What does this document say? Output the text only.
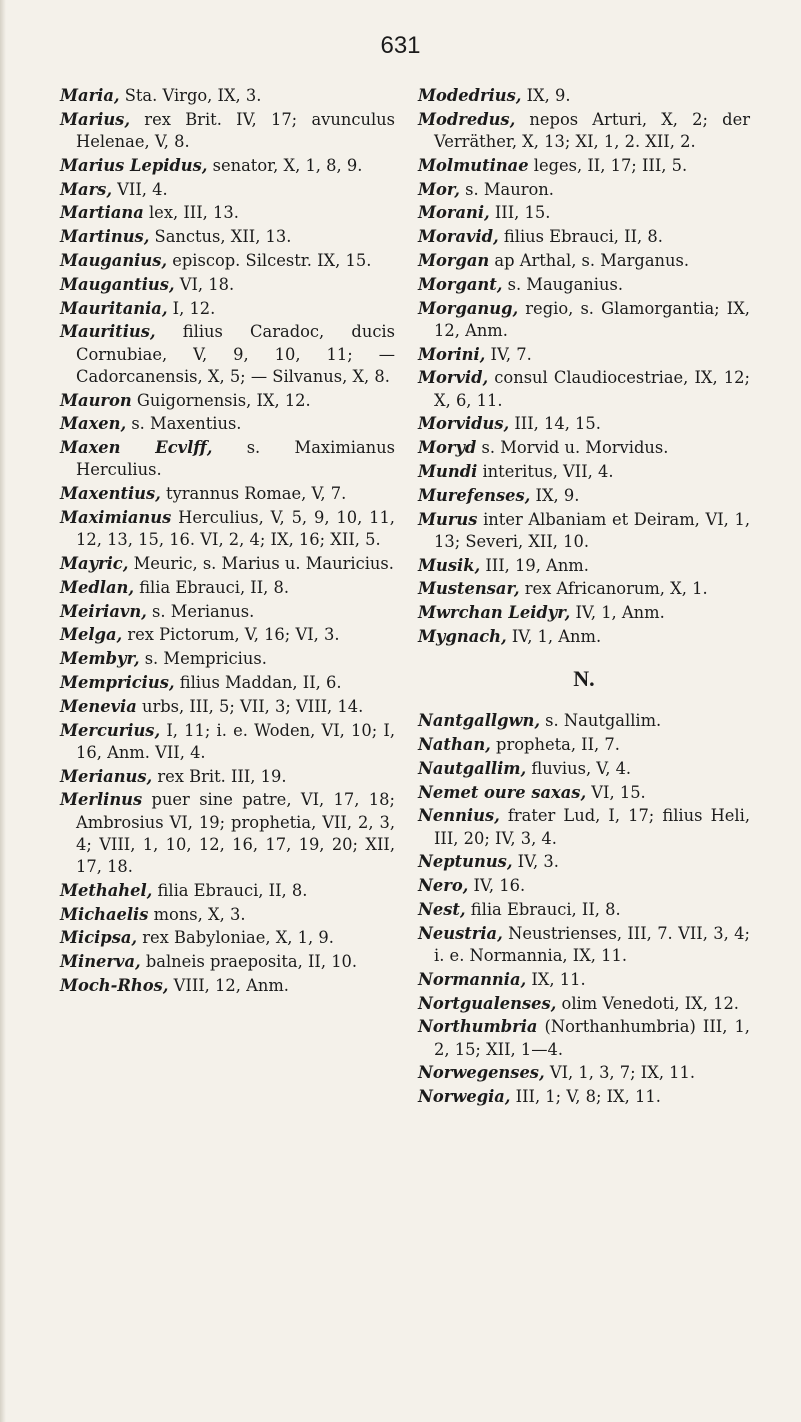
631

Maria, Sta. Virgo, IX, 3.

Marius, rex Brit. IV, 17; avunculus Helenae, V, 8.

Marius Lepidus, senator, X, 1, 8, 9.

Mars, VII, 4.

Martiana lex, III, 13.

Martinus, Sanctus, XII, 13.

Mauganius, episcop. Silcestr. IX, 15.

Maugantius, VI, 18.

Mauritania, I, 12.

Mauritius, filius Caradoc, ducis Cornubiae, V, 9, 10, 11; — Cadorcanensis, X, 5; — Silvanus, X, 8.

Mauron Guigornensis, IX, 12.

Maxen, s. Maxentius.

Maxen Ecvlff, s. Maximianus Herculius.

Maxentius, tyrannus Romae, V, 7.

Maximianus Herculius, V, 5, 9, 10, 11, 12, 13, 15, 16. VI, 2, 4; IX, 16; XII, 5.

Mayric, Meuric, s. Marius u. Mauricius.

Medlan, filia Ebrauci, II, 8.

Meiriavn, s. Merianus.

Melga, rex Pictorum, V, 16; VI, 3.

Membyr, s. Mempricius.

Mempricius, filius Maddan, II, 6.

Menevia urbs, III, 5; VII, 3; VIII, 14.

Mercurius, I, 11; i. e. Woden, VI, 10; I, 16, Anm. VII, 4.

Merianus, rex Brit. III, 19.

Merlinus puer sine patre, VI, 17, 18; Ambrosius VI, 19; prophetia, VII, 2, 3, 4; VIII, 1, 10, 12, 16, 17, 19, 20; XII, 17, 18.

Methahel, filia Ebrauci, II, 8.

Michaelis mons, X, 3.

Micipsa, rex Babyloniae, X, 1, 9.

Minerva, balneis praeposita, II, 10.

Moch-Rhos, VIII, 12, Anm.

Modedrius, IX, 9.

Modredus, nepos Arturi, X, 2; der Verräther, X, 13; XI, 1, 2. XII, 2.

Molmutinae leges, II, 17; III, 5.

Mor, s. Mauron.

Morani, III, 15.

Moravid, filius Ebrauci, II, 8.

Morgan ap Arthal, s. Marganus.

Morgant, s. Mauganius.

Morganug, regio, s. Glamorgantia; IX, 12, Anm.

Morini, IV, 7.

Morvid, consul Claudiocestriae, IX, 12; X, 6, 11.

Morvidus, III, 14, 15.

Moryd s. Morvid u. Morvidus.

Mundi interitus, VII, 4.

Murefenses, IX, 9.

Murus inter Albaniam et Deiram, VI, 1, 13; Severi, XII, 10.

Musik, III, 19, Anm.

Mustensar, rex Africanorum, X, 1.

Mwrchan Leidyr, IV, 1, Anm.

Mygnach, IV, 1, Anm.

N.

Nantgallgwn, s. Nautgallim.

Nathan, propheta, II, 7.

Nautgallim, fluvius, V, 4.

Nemet oure saxas, VI, 15.

Nennius, frater Lud, I, 17; filius Heli, III, 20; IV, 3, 4.

Neptunus, IV, 3.

Nero, IV, 16.

Nest, filia Ebrauci, II, 8.

Neustria, Neustrienses, III, 7. VII, 3, 4; i. e. Normannia, IX, 11.

Normannia, IX, 11.

Nortgualenses, olim Venedoti, IX, 12.

Northumbria (Northanhumbria) III, 1, 2, 15; XII, 1—4.

Norwegenses, VI, 1, 3, 7; IX, 11.

Norwegia, III, 1; V, 8; IX, 11.
